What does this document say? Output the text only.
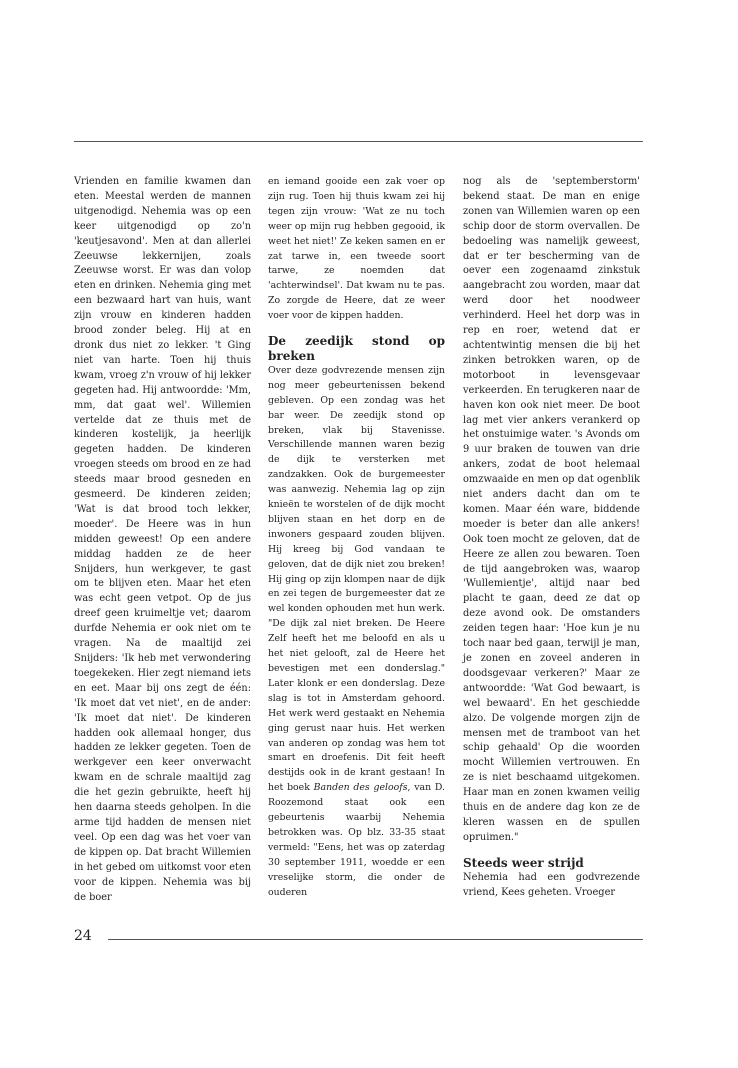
Vrienden en familie kwamen dan eten. Meestal werden de mannen uitgenodigd. Nehemia was op een keer uitgenodigd op zo'n 'keutjesavond'. Men at dan allerlei Zeeuwse lekkernijen, zoals Zeeuwse worst. Er was dan volop eten en drinken. Nehemia ging met een bezwaard hart van huis, want zijn vrouw en kinderen hadden brood zonder beleg. Hij at en dronk dus niet zo lekker. 't Ging niet van harte. Toen hij thuis kwam, vroeg z'n vrouw of hij lekker gegeten had. Hij antwoordde: 'Mm, mm, dat gaat wel'. Willemien vertelde dat ze thuis met de kinderen kostelijk, ja heerlijk gegeten hadden. De kinderen vroegen steeds om brood en ze had steeds maar brood gesneden en gesmeerd. De kinderen zeiden; 'Wat is dat brood toch lekker, moeder'. De Heere was in hun midden geweest! Op een andere middag hadden ze de heer Snijders, hun werkgever, te gast om te blijven eten. Maar het eten was echt geen vetpot. Op de jus dreef geen kruimeltje vet; daarom durfde Nehemia er ook niet om te vragen. Na de maaltijd zei Snijders: 'Ik heb met verwondering toegekeken. Hier zegt niemand iets en eet. Maar bij ons zegt de één: 'Ik moet dat vet niet', en de ander: 'Ik moet dat niet'. De kinderen hadden ook allemaal honger, dus hadden ze lekker gegeten. Toen de werkgever een keer onverwacht kwam en de schrale maaltijd zag die het gezin gebruikte, heeft hij hen daarna steeds geholpen. In die arme tijd hadden de mensen niet veel. Op een dag was het voer van de kippen op. Dat bracht Willemien in het gebed om uitkomst voor eten voor de kippen. Nehemia was bij de boer

en iemand gooide een zak voer op zijn rug. Toen hij thuis kwam zei hij tegen zijn vrouw: 'Wat ze nu toch weer op mijn rug hebben gegooid, ik weet het niet!' Ze keken samen en er zat tarwe in, een tweede soort tarwe, ze noemden dat 'achterwindsel'. Dat kwam nu te pas. Zo zorgde de Heere, dat ze weer voer voor de kippen hadden.

De zeedijk stond op breken

Over deze godvrezende mensen zijn nog meer gebeurtenissen bekend gebleven. Op een zondag was het bar weer. De zeedijk stond op breken, vlak bij Stavenisse. Verschillende mannen waren bezig de dijk te versterken met zandzakken. Ook de burgemeester was aanwezig. Nehemia lag op zijn knieën te worstelen of de dijk mocht blijven staan en het dorp en de inwoners gespaard zouden blijven. Hij kreeg bij God vandaan te geloven, dat de dijk niet zou breken! Hij ging op zijn klompen naar de dijk en zei tegen de burgemeester dat ze wel konden ophouden met hun werk. "De dijk zal niet breken. De Heere Zelf heeft het me beloofd en als u het niet gelooft, zal de Heere het bevestigen met een donderslag." Later klonk er een donderslag. Deze slag is tot in Amsterdam gehoord. Het werk werd gestaakt en Nehemia ging gerust naar huis. Het werken van anderen op zondag was hem tot smart en droefenis. Dit feit heeft destijds ook in de krant gestaan! In het boek Banden des geloofs, van D. Roozemond staat ook een gebeurtenis waarbij Nehemia betrokken was. Op blz. 33-35 staat vermeld: "Eens, het was op zaterdag 30 september 1911, woedde er een vreselijke storm, die onder de ouderen

nog als de 'septemberstorm' bekend staat. De man en enige zonen van Willemien waren op een schip door de storm overvallen. De bedoeling was namelijk geweest, dat er ter bescherming van de oever een zogenaamd zinkstuk aangebracht zou worden, maar dat werd door het noodweer verhinderd. Heel het dorp was in rep en roer, wetend dat er achtentwintig mensen die bij het zinken betrokken waren, op de motorboot in levensgevaar verkeerden. En terugkeren naar de haven kon ook niet meer. De boot lag met vier ankers verankerd op het onstuimige water. 's Avonds om 9 uur braken de touwen van drie ankers, zodat de boot helemaal omzwaaide en men op dat ogenblik niet anders dacht dan om te komen. Maar één ware, biddende moeder is beter dan alle ankers! Ook toen mocht ze geloven, dat de Heere ze allen zou bewaren. Toen de tijd aangebroken was, waarop 'Wullemientje', altijd naar bed placht te gaan, deed ze dat op deze avond ook. De omstanders zeiden tegen haar: 'Hoe kun je nu toch naar bed gaan, terwijl je man, je zonen en zoveel anderen in doodsgevaar verkeren?' Maar ze antwoordde: 'Wat God bewaart, is wel bewaard'. En het geschiedde alzo. De volgende morgen zijn de mensen met de tramboot van het schip gehaald' Op die woorden mocht Willemien vertrouwen. En ze is niet beschaamd uitgekomen. Haar man en zonen kwamen veilig thuis en de andere dag kon ze de kleren wassen en de spullen opruimen."

Steeds weer strijd

Nehemia had een godvrezende vriend, Kees geheten. Vroeger

24
